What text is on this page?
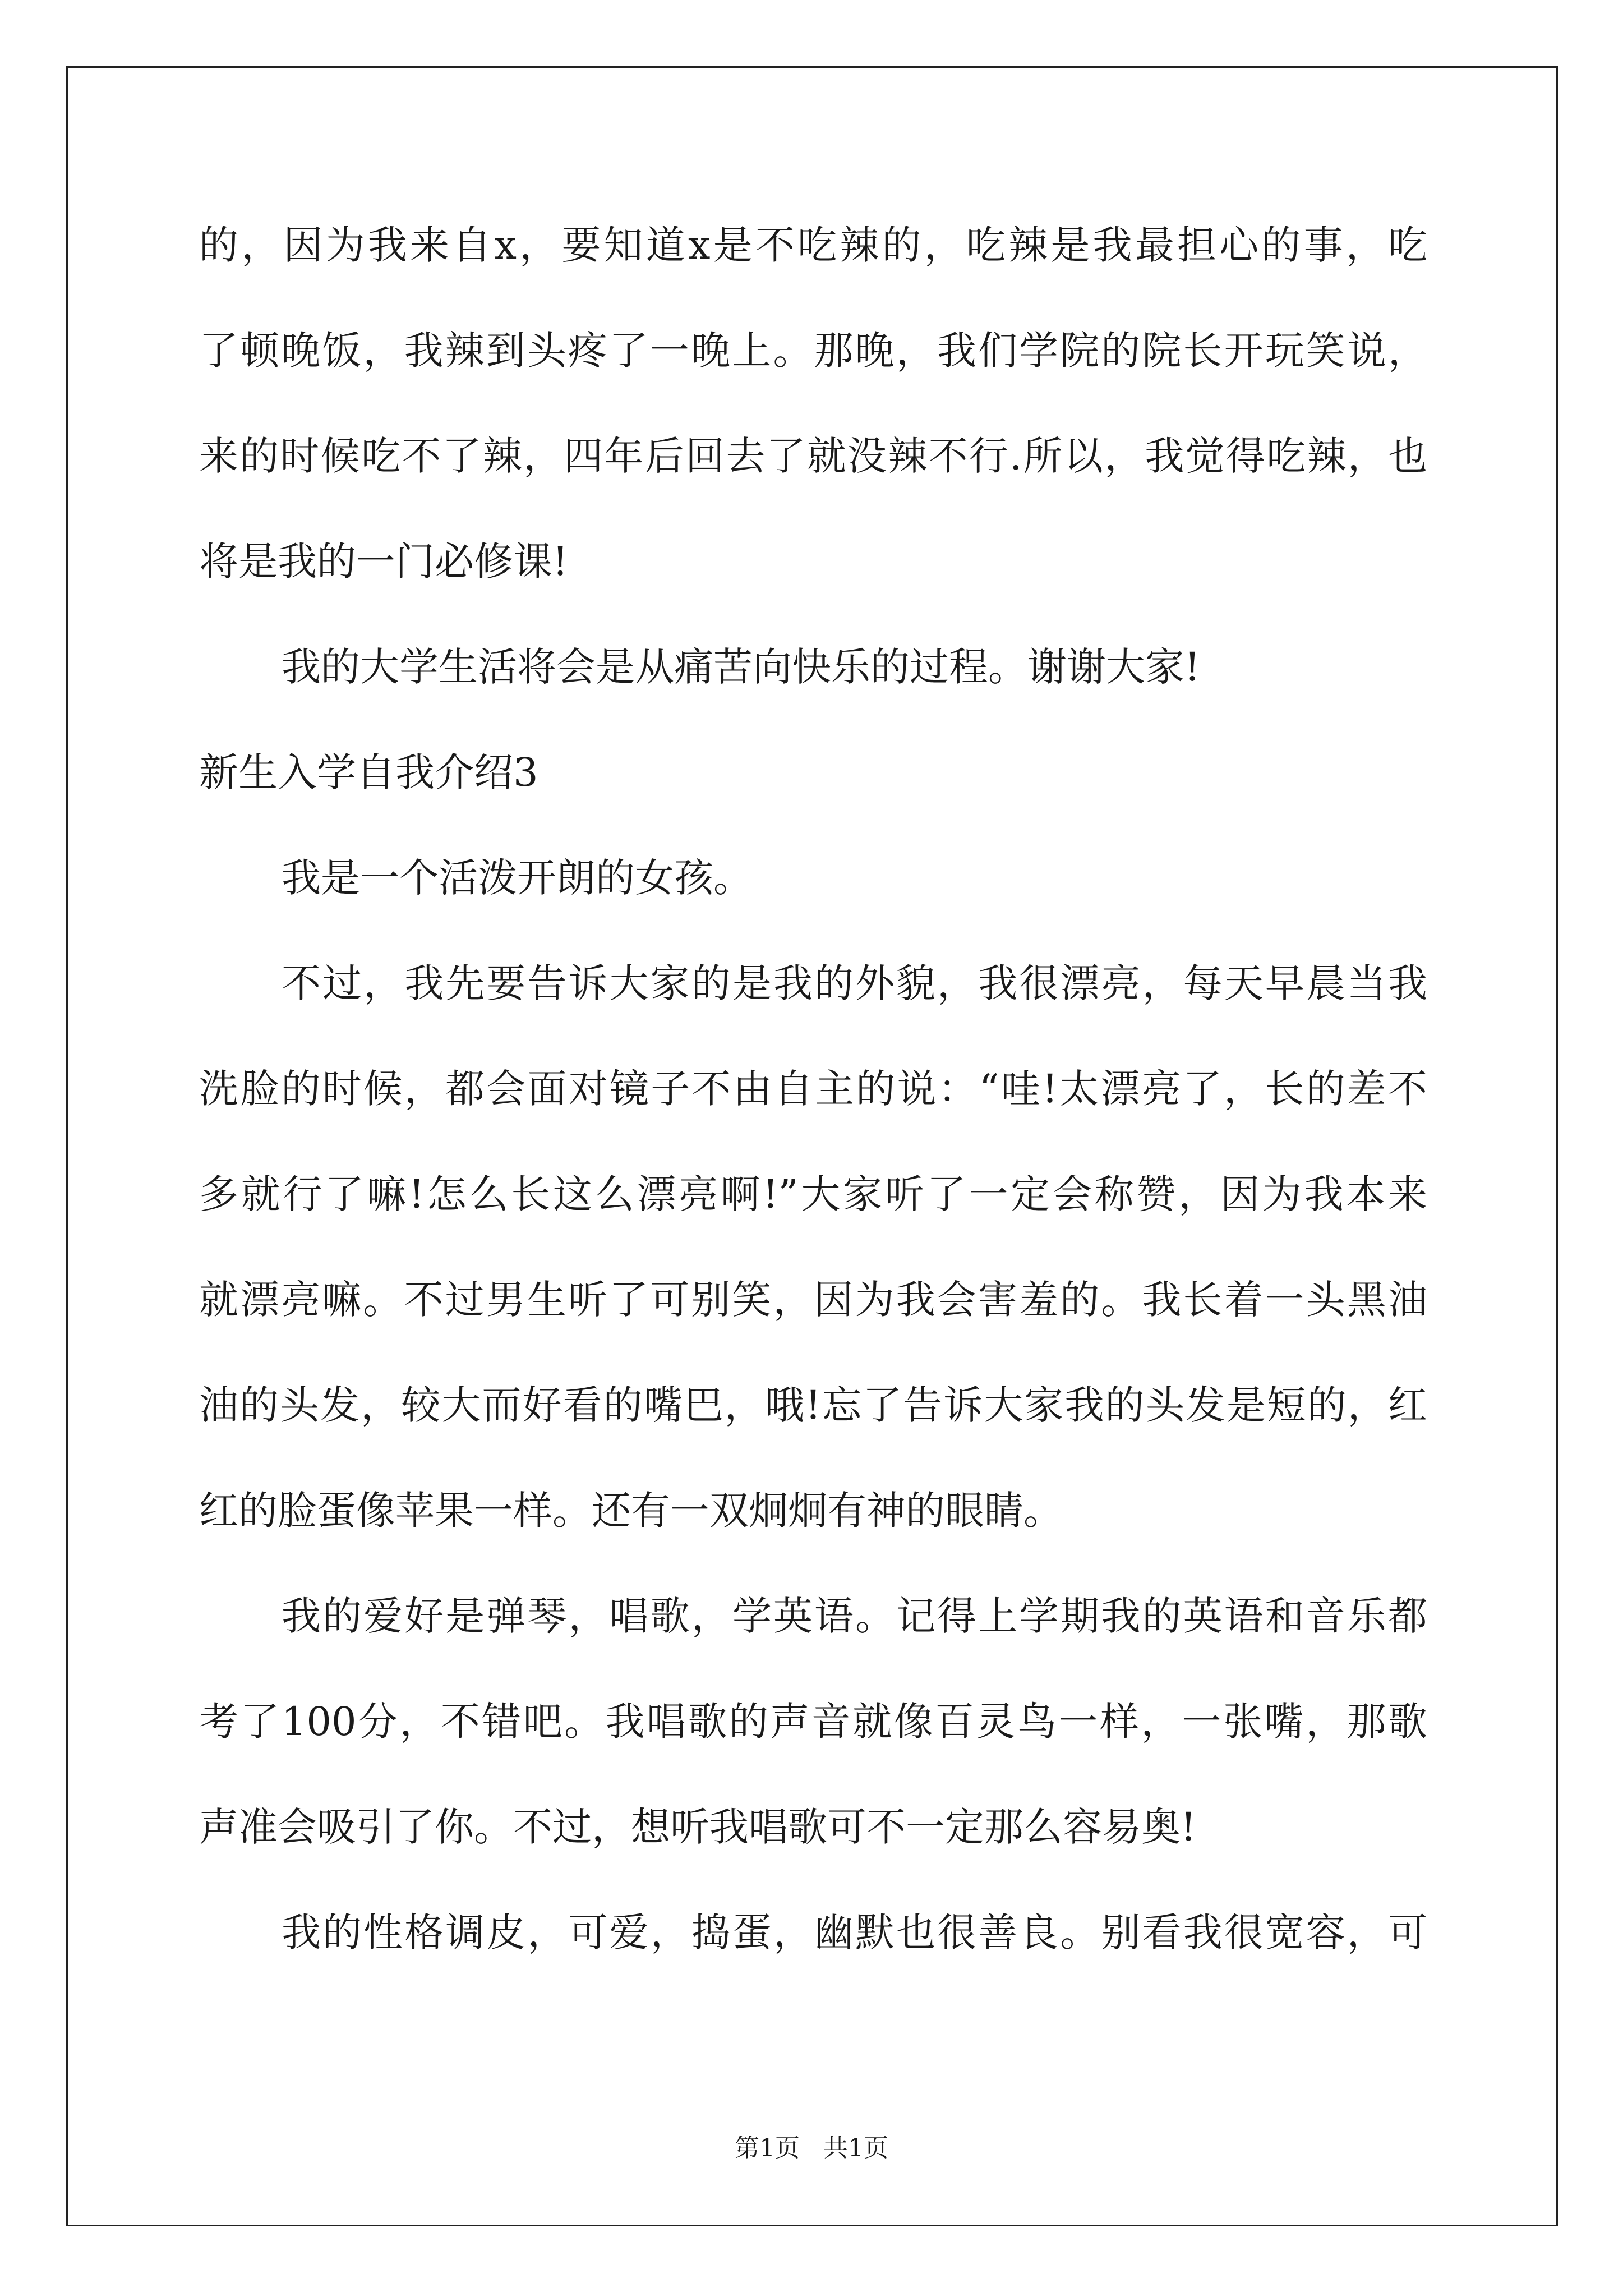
的，因为我来自x，要知道x是不吃辣的，吃辣是我最担心的事，吃
了顿晚饭，我辣到头疼了一晚上。那晚，我们学院的院长开玩笑说，
来的时候吃不了辣，四年后回去了就没辣不行.所以，我觉得吃辣，也
将是我的一门必修课!
我的大学生活将会是从痛苦向快乐的过程。谢谢大家!
新生入学自我介绍3
我是一个活泼开朗的女孩。
不过，我先要告诉大家的是我的外貌，我很漂亮，每天早晨当我
洗脸的时候，都会面对镜子不由自主的说：“哇!太漂亮了，长的差不
多就行了嘛!怎么长这么漂亮啊!”大家听了一定会称赞，因为我本来
就漂亮嘛。不过男生听了可别笑，因为我会害羞的。我长着一头黑油
油的头发，较大而好看的嘴巴，哦!忘了告诉大家我的头发是短的，红
红的脸蛋像苹果一样。还有一双炯炯有神的眼睛。
我的爱好是弹琴，唱歌，学英语。记得上学期我的英语和音乐都
考了100分，不错吧。我唱歌的声音就像百灵鸟一样，一张嘴，那歌
声准会吸引了你。不过，想听我唱歌可不一定那么容易奥!
我的性格调皮，可爱，捣蛋，幽默也很善良。别看我很宽容，可
第1页   共1页
